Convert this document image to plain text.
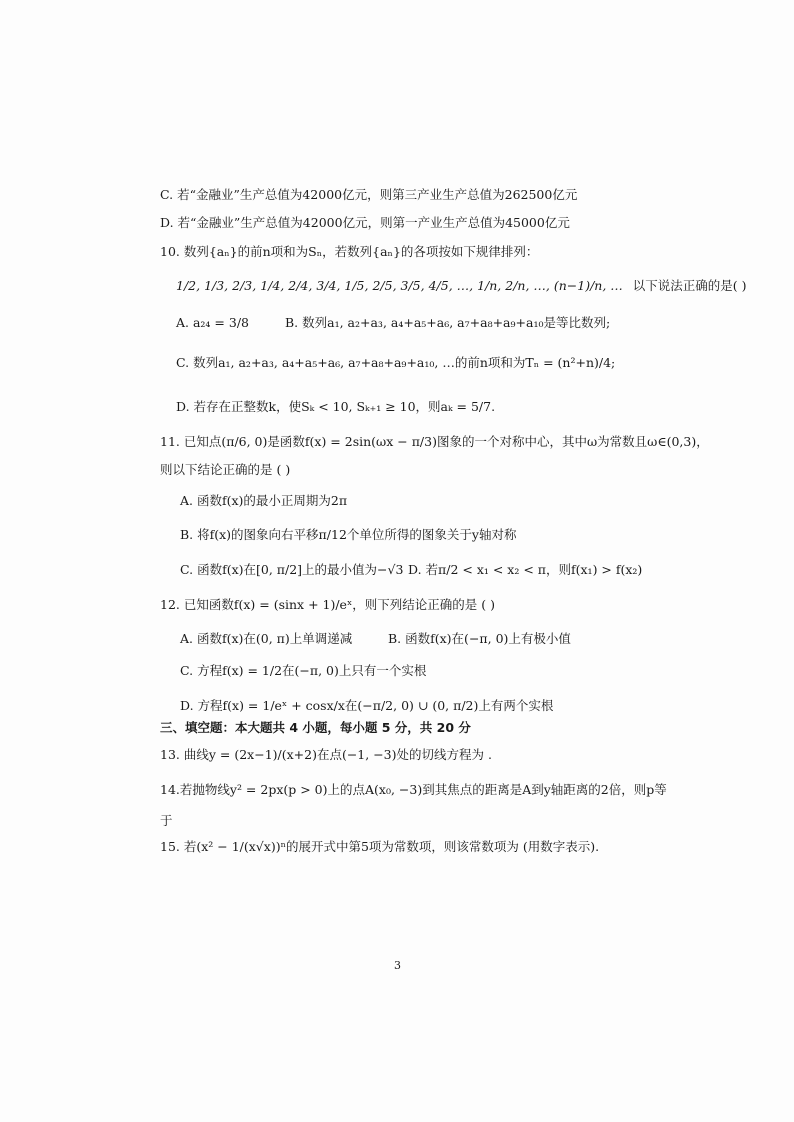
C. 若“金融业”生产总值为42000亿元，则第三产业生产总值为262500亿元
D. 若“金融业”生产总值为42000亿元，则第一产业生产总值为45000亿元
10. 数列{aₙ}的前n项和为Sₙ，若数列{aₙ}的各项按如下规律排列：
1/2, 1/3, 2/3, 1/4, 2/4, 3/4, 1/5, 2/5, 3/5, 4/5, …, 1/n, 2/n, …, (n−1)/n, … 以下说法正确的是( )
A. a₂₄ = 3/8	B. 数列a₁, a₂+a₃, a₄+a₅+a₆, a₇+a₈+a₉+a₁₀是等比数列;
C. 数列a₁, a₂+a₃, a₄+a₅+a₆, a₇+a₈+a₉+a₁₀, …的前n项和为Tₙ = (n²+n)/4;
D. 若存在正整数k，使Sₖ < 10, Sₖ₊₁ ≥ 10，则aₖ = 5/7.
11. 已知点(π/6, 0)是函数f(x) = 2sin(ωx − π/3)图象的一个对称中心，其中ω为常数且ω∈(0,3)，
则以下结论正确的是 ( )
A. 函数f(x)的最小正周期为2π
B. 将f(x)的图象向右平移π/12个单位所得的图象关于y轴对称
C. 函数f(x)在[0, π/2]上的最小值为−√3 D. 若π/2 < x₁ < x₂ < π，则f(x₁) > f(x₂)
12. 已知函数f(x) = (sinx + 1)/eˣ，则下列结论正确的是 ( )
A. 函数f(x)在(0, π)上单调递减	B. 函数f(x)在(−π, 0)上有极小值
C. 方程f(x) = 1/2在(−π, 0)上只有一个实根
D. 方程f(x) = 1/eˣ + cosx/x在(−π/2, 0) ∪ (0, π/2)上有两个实根
三、填空题：本大题共 4 小题，每小题 5 分，共 20 分
13. 曲线y = (2x−1)/(x+2)在点(−1, −3)处的切线方程为 .
14.若抛物线y² = 2px(p > 0)上的点A(x₀, −3)到其焦点的距离是A到y轴距离的2倍，则p等
于
15. 若(x² − 1/(x√x))ⁿ的展开式中第5项为常数项，则该常数项为 (用数字表示).
3
